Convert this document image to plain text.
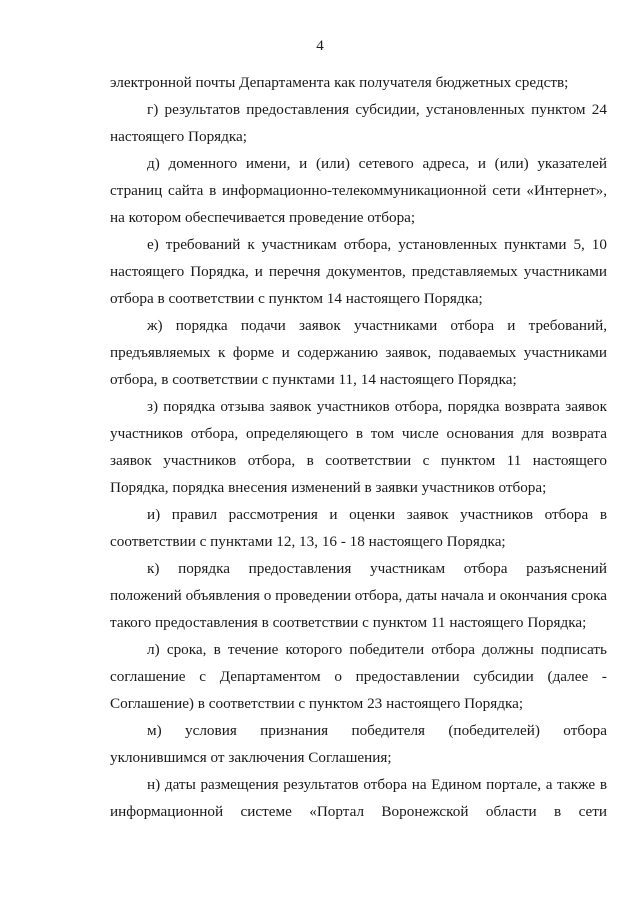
4

электронной почты Департамента как получателя бюджетных средств;

г) результатов предоставления субсидии, установленных пунктом 24 настоящего Порядка;

д) доменного имени, и (или) сетевого адреса, и (или) указателей страниц сайта в информационно-телекоммуникационной сети «Интернет», на котором обеспечивается проведение отбора;

е) требований к участникам отбора, установленных пунктами 5, 10 настоящего Порядка, и перечня документов, представляемых участниками отбора в соответствии с пунктом 14 настоящего Порядка;

ж) порядка подачи заявок участниками отбора и требований, предъявляемых к форме и содержанию заявок, подаваемых участниками отбора, в соответствии с пунктами 11, 14 настоящего Порядка;

з) порядка отзыва заявок участников отбора, порядка возврата заявок участников отбора, определяющего в том числе основания для возврата заявок участников отбора, в соответствии с пунктом 11 настоящего Порядка, порядка внесения изменений в заявки участников отбора;

и) правил рассмотрения и оценки заявок участников отбора в соответствии с пунктами 12, 13, 16 - 18 настоящего Порядка;

к) порядка предоставления участникам отбора разъяснений положений объявления о проведении отбора, даты начала и окончания срока такого предоставления в соответствии с пунктом 11 настоящего Порядка;

л) срока, в течение которого победители отбора должны подписать соглашение с Департаментом о предоставлении субсидии (далее - Соглашение) в соответствии с пунктом 23 настоящего Порядка;

м) условия признания победителя (победителей) отбора уклонившимся от заключения Соглашения;

н) даты размещения результатов отбора на Едином портале, а также в информационной системе «Портал Воронежской области в сети
